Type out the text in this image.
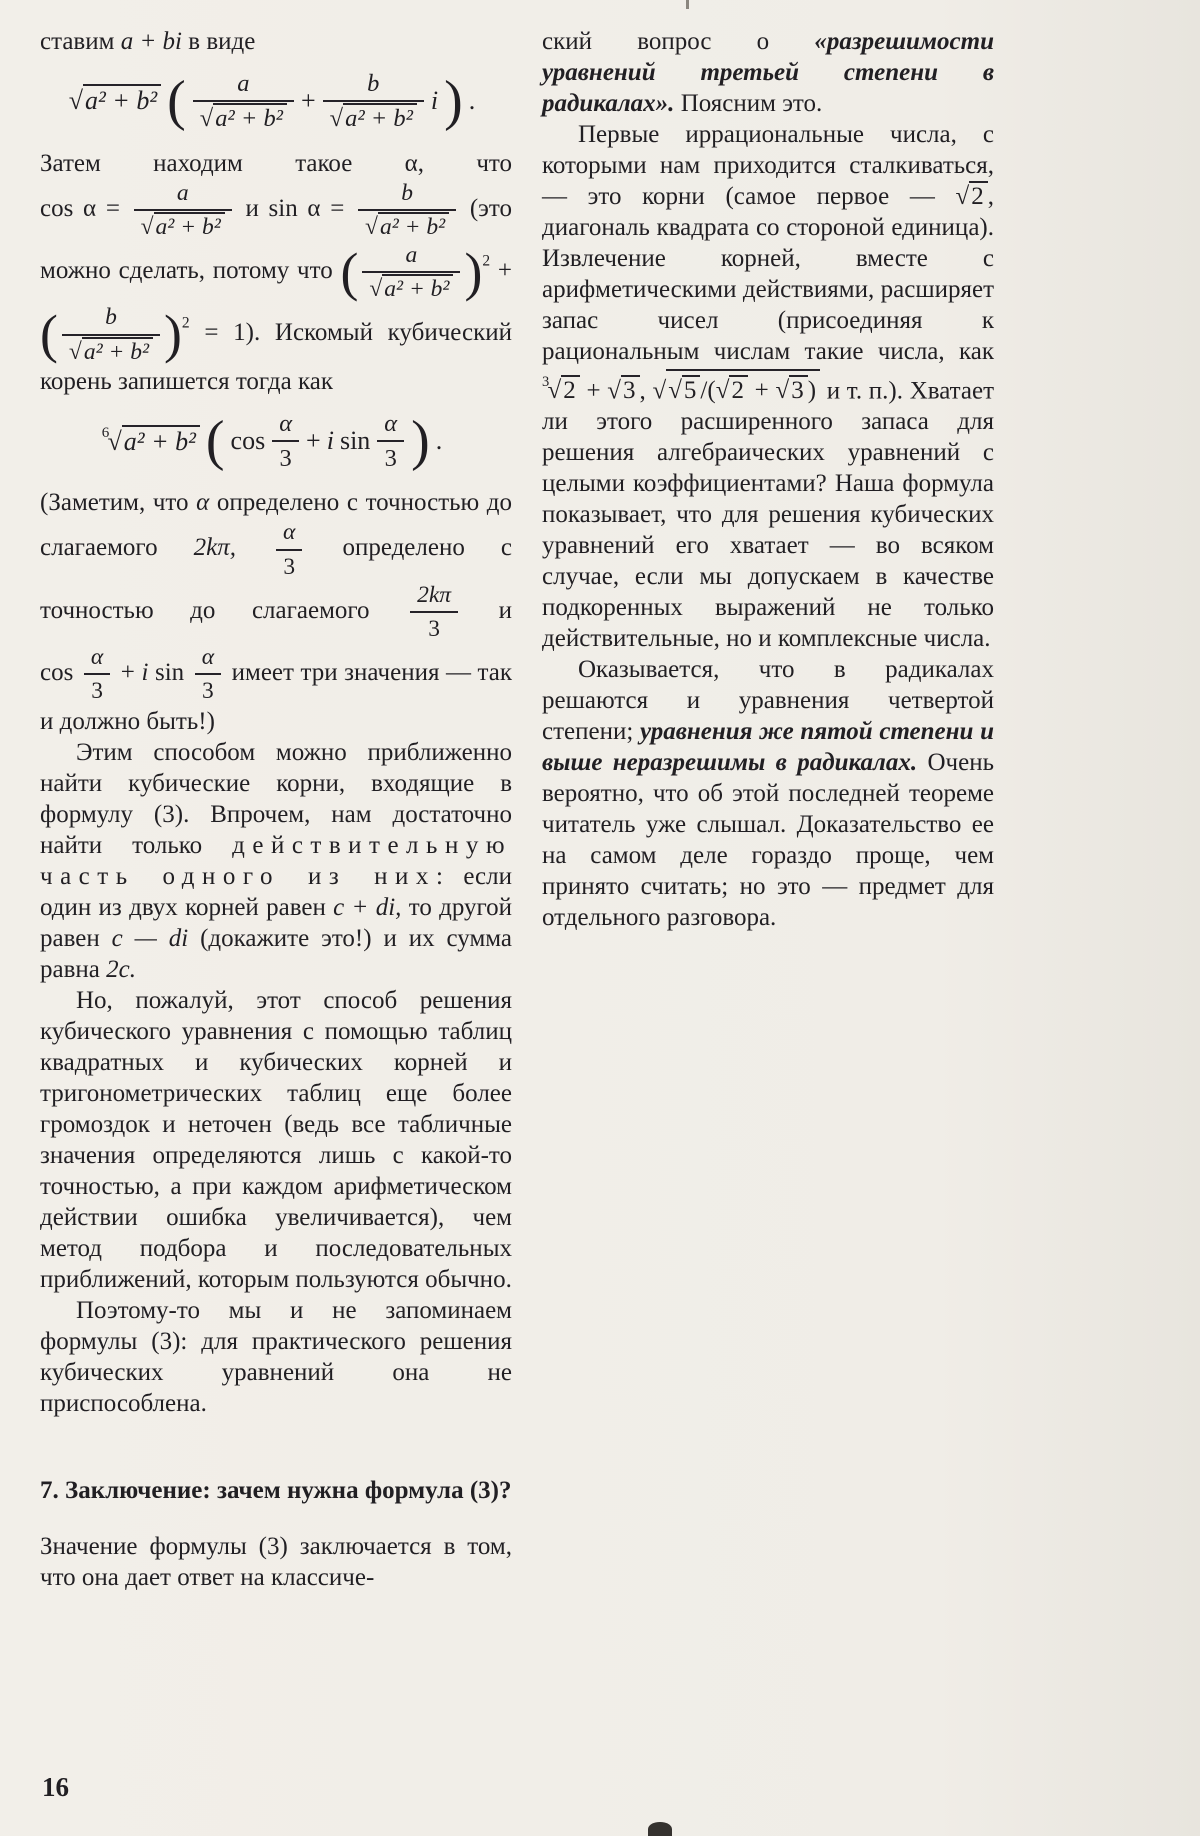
ставим a + bi в виде

√a² + b² ( $\frac{a}{\text{√a² + b²}} + \frac{b}{\text{√a² + b²}}$ i ) .

Затем находим такое α, что $\cos \alpha = \frac{a}{\text{√a² + b²}}$ и $\sin \alpha = \frac{b}{\text{√a² + b²}} (это$ можно сделать, потому что ( $\frac{a}{\text{√a² + b²}} )^2$ + ( $\frac{b}{\text{√a² + b²}} )^2 = 1$). Искомый кубический корень запишется тогда как

$^6$√a² + b² ( $\cos \frac{\alpha}{3} + i$ $\sin \frac{\alpha}{3}$ ) .

(Заметим, что α определено с точностью до слагаемого 2kπ, $\frac{\alpha}{3}$ определено с точностью до слагаемого $\frac{2k\pi}{3}$ и $\cos \frac{\alpha}{3} + i$ $\sin \frac{\alpha}{3}$ имеет три значения — так и должно быть!)

Этим способом можно приближенно найти кубические корни, входящие в формулу (3). Впрочем, нам достаточно найти только действительную часть одного из них: если один из двух корней равен c + di, то другой равен c — di (докажите это!) и их сумма равна 2c.

Но, пожалуй, этот способ решения кубического уравнения с помощью таблиц квадратных и кубических корней и тригонометрических таблиц еще более громоздок и неточен (ведь все табличные значения определяются лишь с какой-то точностью, а при каждом арифметическом действии ошибка увеличивается), чем метод подбора и последовательных приближений, которым пользуются обычно.

Поэтому-то мы и не запоминаем формулы (3): для практического решения кубических уравнений она не приспособлена.

7. Заключение: зачем нужна формула (3)?

Значение формулы (3) заключается в том, что она дает ответ на классиче-

ский вопрос о «разрешимости уравнений третьей степени в радикалах». Поясним это.

Первые иррациональные числа, с которыми нам приходится сталкиваться, — это корни (самое первое — √2 , диагональ квадрата со стороной единица). Извлечение корней, вместе с арифметическими действиями, расширяет запас чисел (присоединяя к рациональным числам такие числа, как $^3$√2 + √3 , √√5 /(√2 + √3 ) и т. п.). Хватает ли этого расширенного запаса для решения алгебраических уравнений с целыми коэффициентами? Наша формула показывает, что для решения кубических уравнений его хватает — во всяком случае, если мы допускаем в качестве подкоренных выражений не только действительные, но и комплексные числа.

Оказывается, что в радикалах решаются и уравнения четвертой степени; уравнения же пятой степени и выше неразрешимы в радикалах. Очень вероятно, что об этой последней теореме читатель уже слышал. Доказательство ее на самом деле гораздо проще, чем принято считать; но это — предмет для отдельного разговора.

16
